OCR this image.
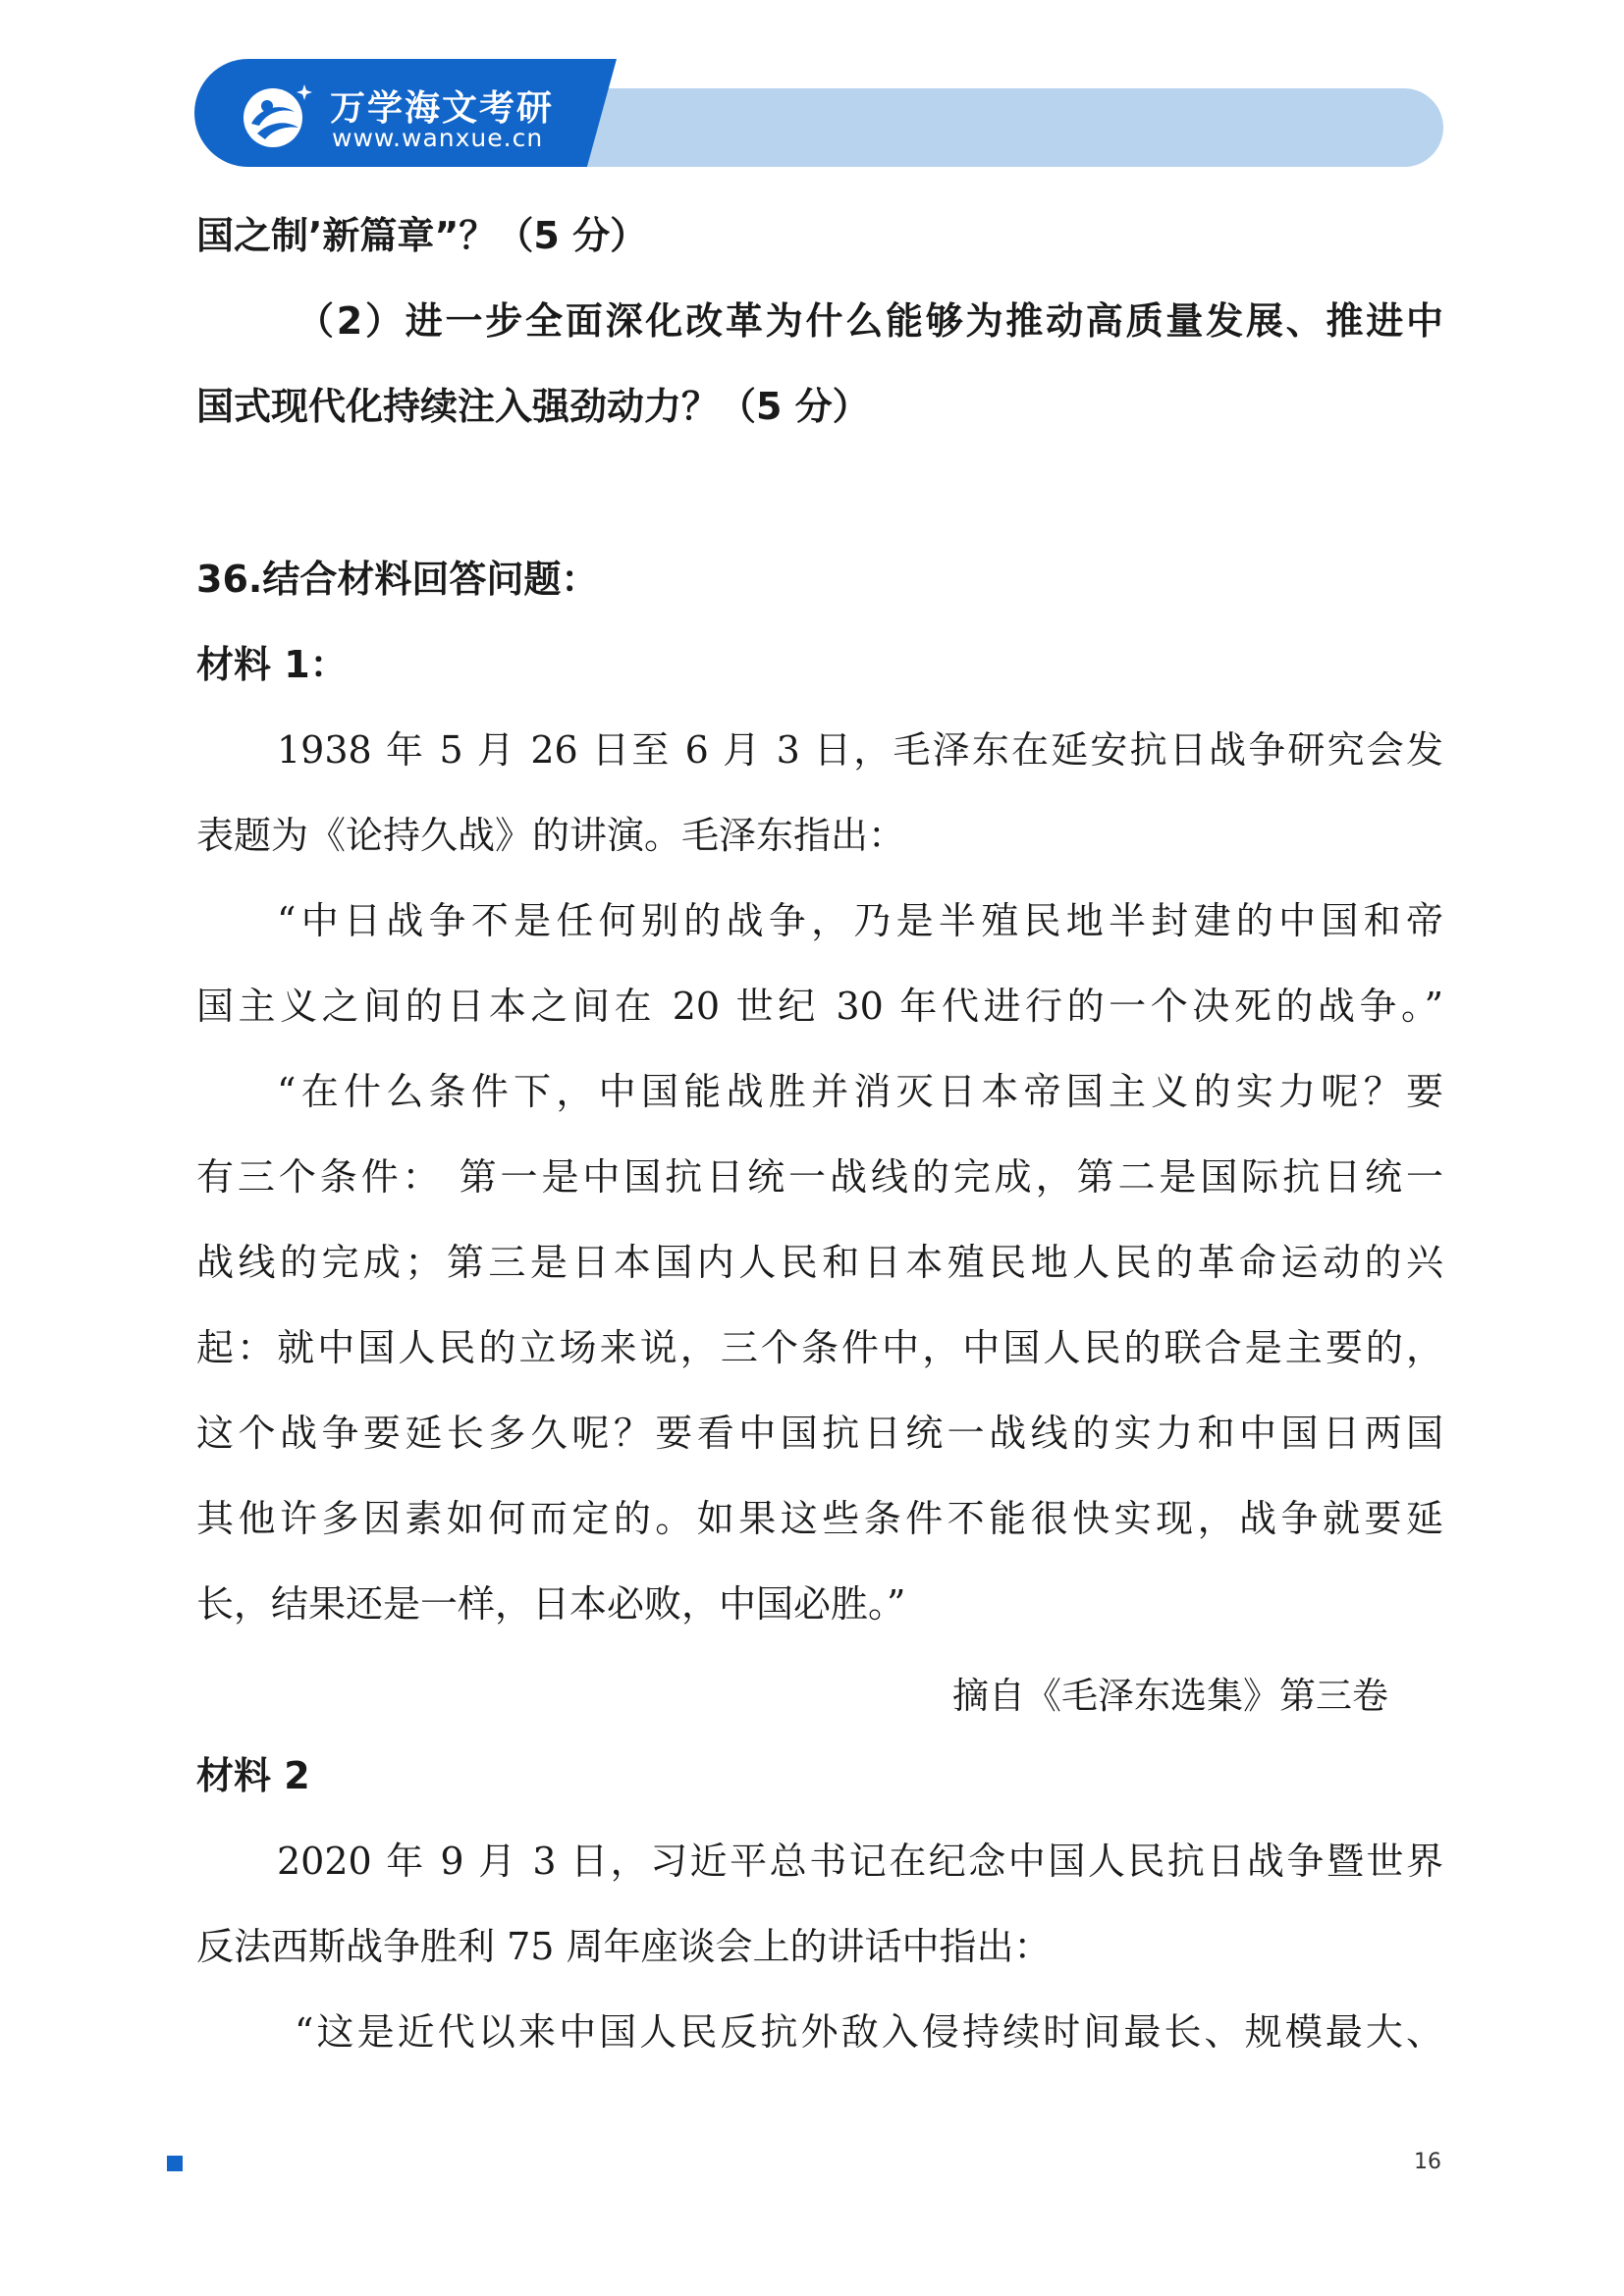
万学海文考研
www.wanxue.cn
国之制’新篇章”？（5 分）
（2）进一步全面深化改革为什么能够为推动高质量发展、推进中
国式现代化持续注入强劲动力？（5 分）
36.结合材料回答问题：
材料 1：
1938 年 5 月 26 日至 6 月 3 日，毛泽东在延安抗日战争研究会发
表题为《论持久战》的讲演。毛泽东指出：
“中日战争不是任何别的战争，乃是半殖民地半封建的中国和帝
国主义之间的日本之间在 20 世纪 30 年代进行的一个决死的战争。”
“在什么条件下，中国能战胜并消灭日本帝国主义的实力呢？要
有三个条件： 第一是中国抗日统一战线的完成，第二是国际抗日统一
战线的完成；第三是日本国内人民和日本殖民地人民的革命运动的兴
起：就中国人民的立场来说，三个条件中，中国人民的联合是主要的，
这个战争要延长多久呢？要看中国抗日统一战线的实力和中国日两国
其他许多因素如何而定的。如果这些条件不能很快实现，战争就要延
长，结果还是一样，日本必败，中国必胜。”
摘自《毛泽东选集》第三卷
材料 2
2020 年 9 月 3 日，习近平总书记在纪念中国人民抗日战争暨世界
反法西斯战争胜利 75 周年座谈会上的讲话中指出：
“这是近代以来中国人民反抗外敌入侵持续时间最长、规模最大、
16
